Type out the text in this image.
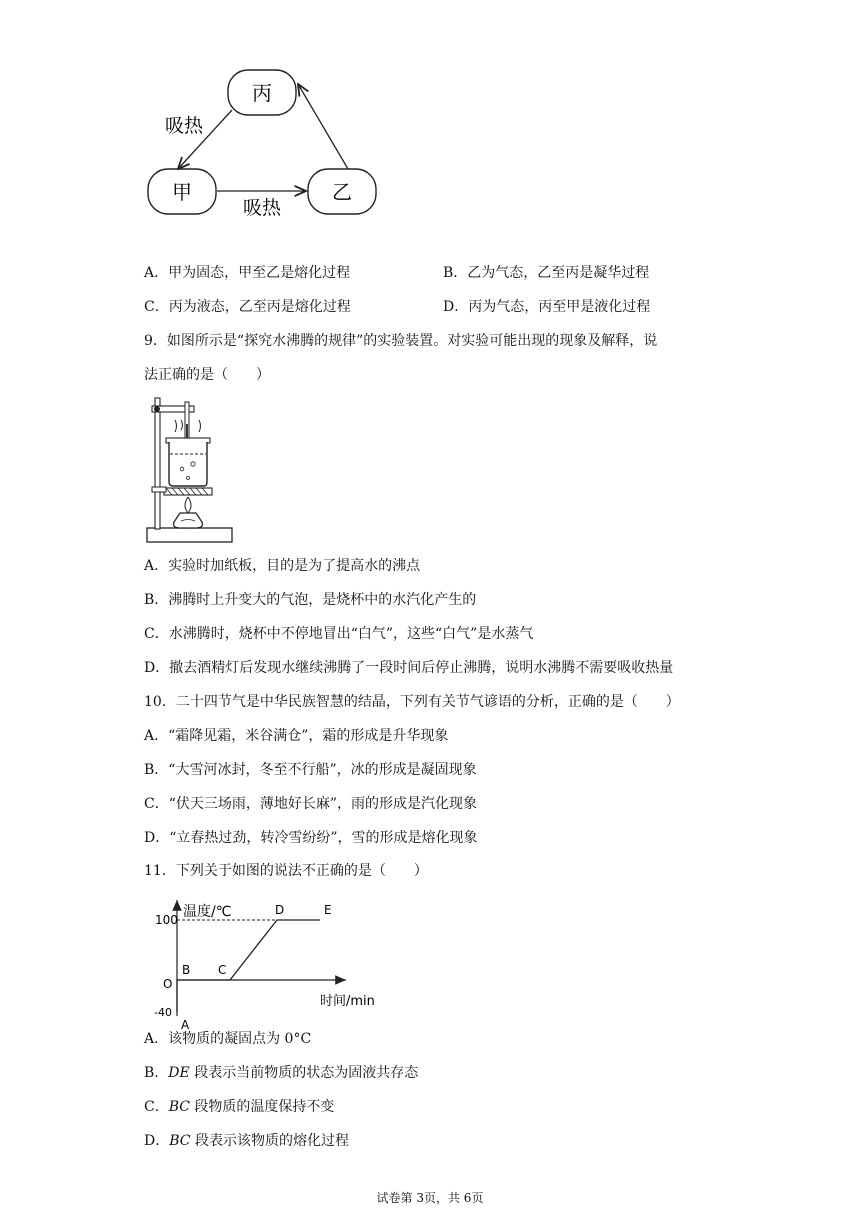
丙
甲	乙
吸热
吸热
A．甲为固态，甲至乙是熔化过程	B．乙为气态，乙至丙是凝华过程
C．丙为液态，乙至丙是熔化过程	D．丙为气态，丙至甲是液化过程
9．如图所示是“探究水沸腾的规律”的实验装置。对实验可能出现的现象及解释，说
法正确的是（　　）
A．实验时加纸板，目的是为了提高水的沸点
B．沸腾时上升变大的气泡，是烧杯中的水汽化产生的
C．水沸腾时，烧杯中不停地冒出“白气”，这些“白气”是水蒸气
D．撤去酒精灯后发现水继续沸腾了一段时间后停止沸腾，说明水沸腾不需要吸收热量
10．二十四节气是中华民族智慧的结晶，下列有关节气谚语的分析，正确的是（　　）
A．“霜降见霜，米谷满仓”，霜的形成是升华现象
B．“大雪河冰封，冬至不行船”，冰的形成是凝固现象
C．“伏天三场雨，薄地好长麻”，雨的形成是汽化现象
D．“立春热过劲，转冷雪纷纷”，雪的形成是熔化现象
11．下列关于如图的说法不正确的是（　　）
温度/℃
时间/min
O
100
-40
A
B C
D	E
A．该物质的凝固点为 0°C
B．DE 段表示当前物质的状态为固液共存态
C．BC 段物质的温度保持不变
D．BC 段表示该物质的熔化过程
试卷第 3页，共 6页
